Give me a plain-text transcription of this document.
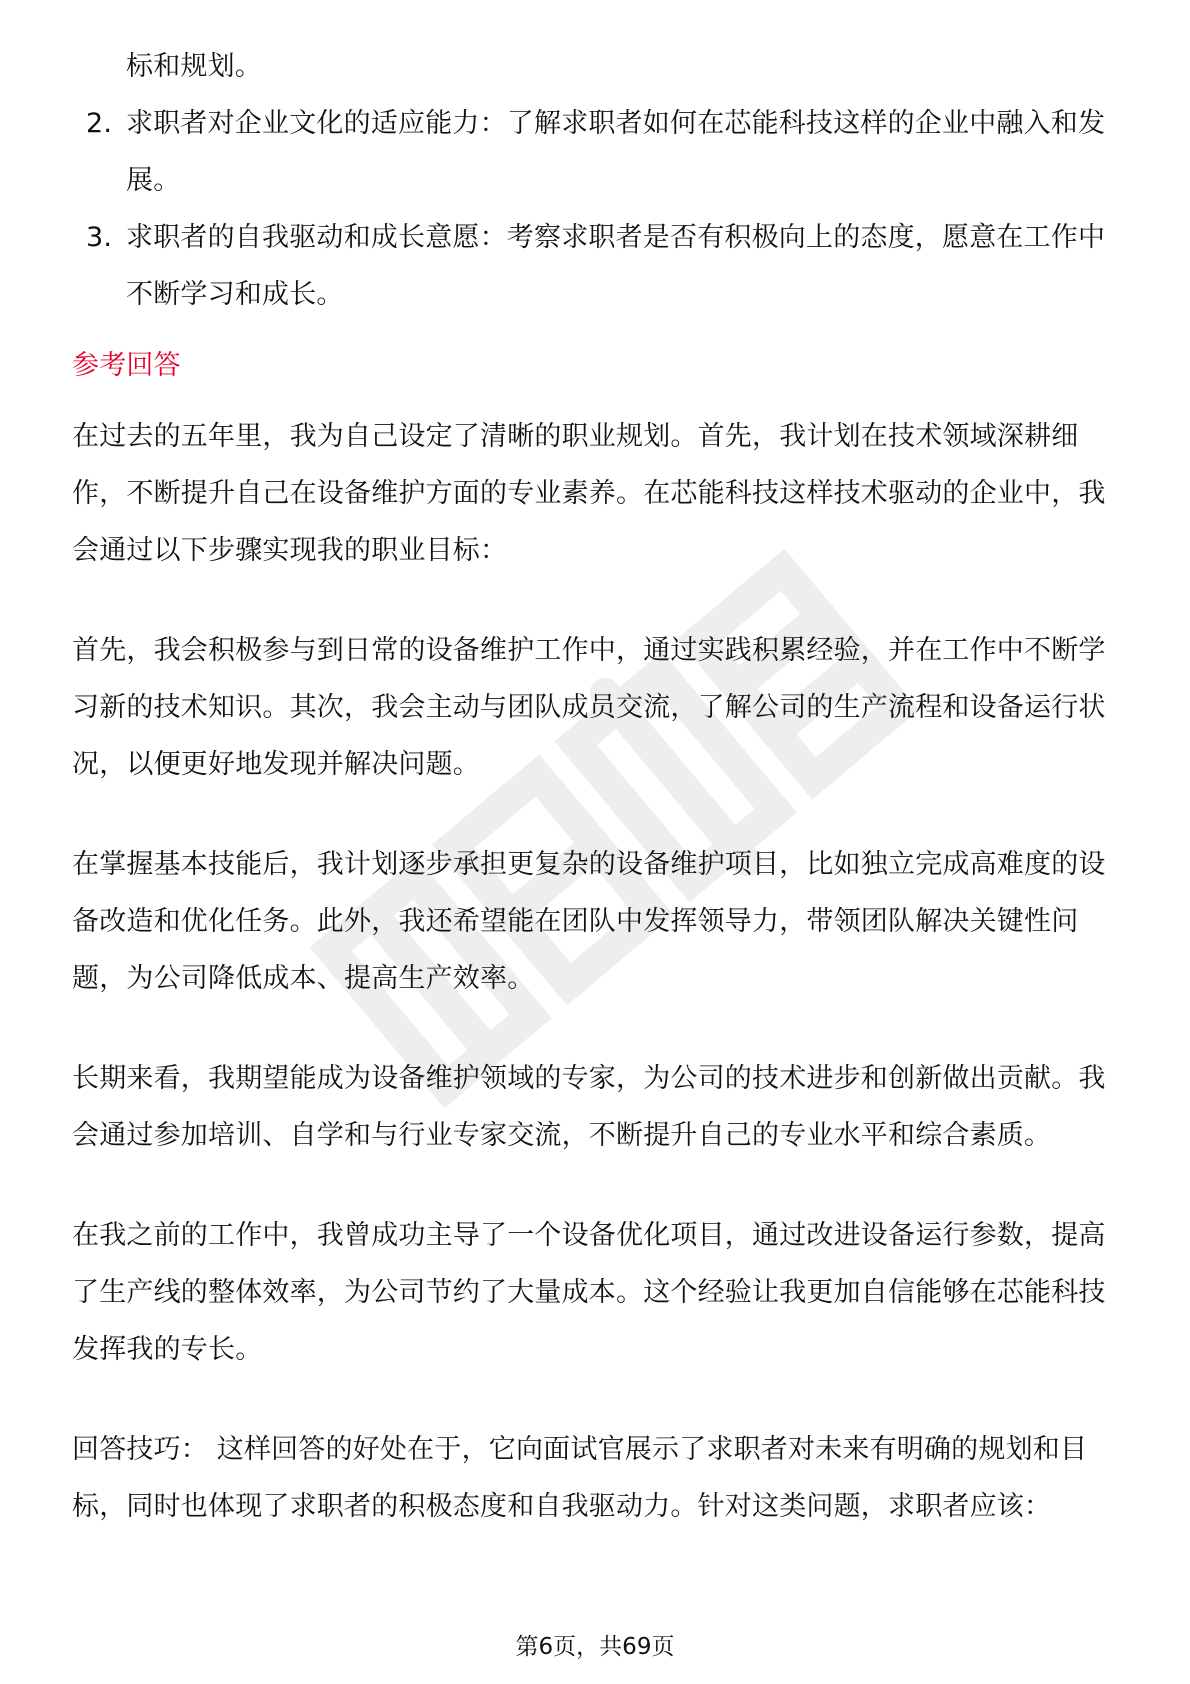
标和规划。

2. 求职者对企业文化的适应能力：了解求职者如何在芯能科技这样的企业中融入和发展。
3. 求职者的自我驱动和成长意愿：考察求职者是否有积极向上的态度，愿意在工作中不断学习和成长。
参考回答

在过去的五年里，我为自己设定了清晰的职业规划。首先，我计划在技术领域深耕细作，不断提升自己在设备维护方面的专业素养。在芯能科技这样技术驱动的企业中，我会通过以下步骤实现我的职业目标：

首先，我会积极参与到日常的设备维护工作中，通过实践积累经验，并在工作中不断学习新的技术知识。其次，我会主动与团队成员交流，了解公司的生产流程和设备运行状况，以便更好地发现并解决问题。

在掌握基本技能后，我计划逐步承担更复杂的设备维护项目，比如独立完成高难度的设备改造和优化任务。此外，我还希望能在团队中发挥领导力，带领团队解决关键性问题，为公司降低成本、提高生产效率。

长期来看，我期望能成为设备维护领域的专家，为公司的技术进步和创新做出贡献。我会通过参加培训、自学和与行业专家交流，不断提升自己的专业水平和综合素质。

在我之前的工作中，我曾成功主导了一个设备优化项目，通过改进设备运行参数，提高了生产线的整体效率，为公司节约了大量成本。这个经验让我更加自信能够在芯能科技发挥我的专长。

回答技巧： 这样回答的好处在于，它向面试官展示了求职者对未来有明确的规划和目标，同时也体现了求职者的积极态度和自我驱动力。针对这类问题，求职者应该：

第6页，共69页
